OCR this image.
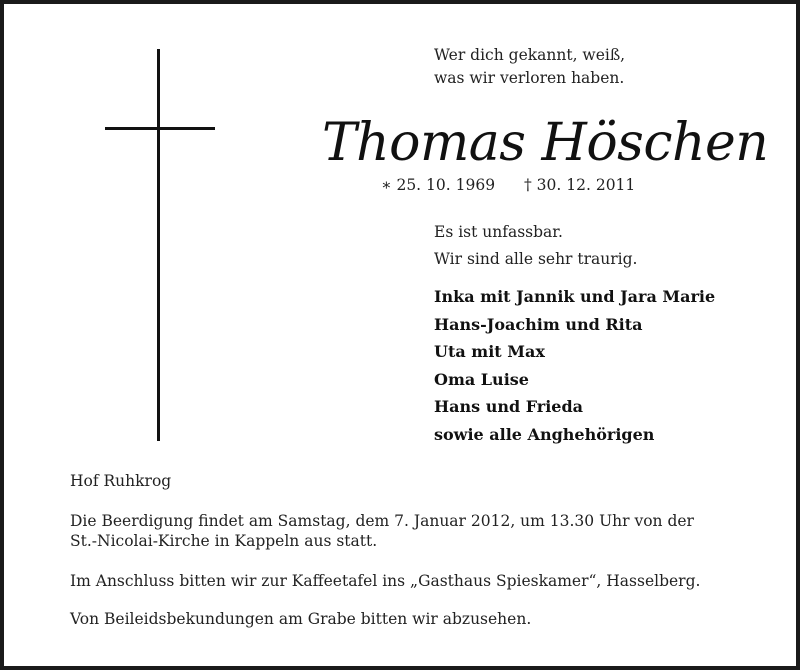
Wer dich gekannt, weiß,
was wir verloren haben.
Thomas Höschen
∗ 25. 10. 1969 † 30. 12. 2011
Es ist unfassbar.
Wir sind alle sehr traurig.
Inka mit Jannik und Jara Marie
Hans-Joachim und Rita
Uta mit Max
Oma Luise
Hans und Frieda
sowie alle Anghehörigen
Hof Ruhkrog
Die Beerdigung findet am Samstag, dem 7. Januar 2012, um 13.30 Uhr von der
St.-Nicolai-Kirche in Kappeln aus statt.
Im Anschluss bitten wir zur Kaffeetafel ins „Gasthaus Spieskamer“, Hasselberg.
Von Beileidsbekundungen am Grabe bitten wir abzusehen.
